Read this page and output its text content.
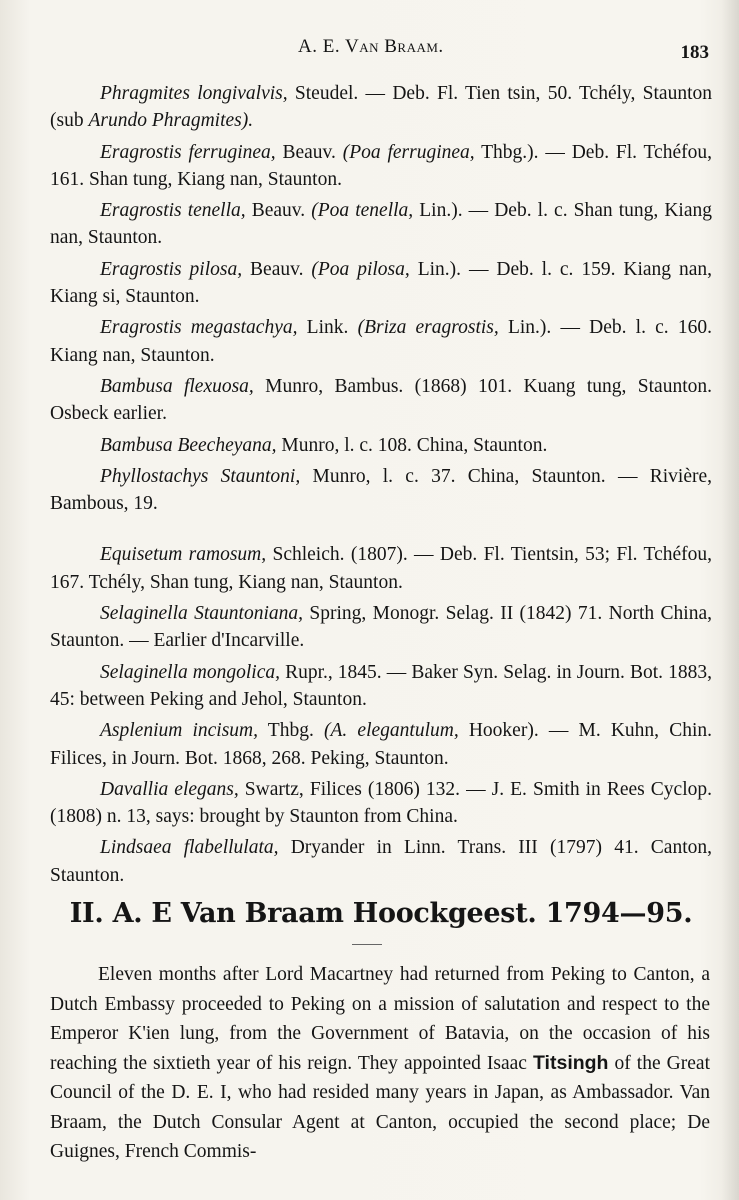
A. E. Van Braam.	183

Phragmites longivalvis, Steudel. — Deb. Fl. Tien tsin, 50. Tchély, Staunton (sub Arundo Phragmites).

Eragrostis ferruginea, Beauv. (Poa ferruginea, Thbg.). — Deb. Fl. Tchéfou, 161. Shan tung, Kiang nan, Staunton.

Eragrostis tenella, Beauv. (Poa tenella, Lin.). — Deb. l. c. Shan tung, Kiang nan, Staunton.

Eragrostis pilosa, Beauv. (Poa pilosa, Lin.). — Deb. l. c. 159. Kiang nan, Kiang si, Staunton.

Eragrostis megastachya, Link. (Briza eragrostis, Lin.). — Deb. l. c. 160. Kiang nan, Staunton.

Bambusa flexuosa, Munro, Bambus. (1868) 101. Kuang tung, Staunton. Osbeck earlier.

Bambusa Beecheyana, Munro, l. c. 108. China, Staunton.

Phyllostachys Stauntoni, Munro, l. c. 37. China, Staunton. — Rivière, Bambous, 19.

Equisetum ramosum, Schleich. (1807). — Deb. Fl. Tientsin, 53; Fl. Tchéfou, 167. Tchély, Shan tung, Kiang nan, Staunton.

Selaginella Stauntoniana, Spring, Monogr. Selag. II (1842) 71. North China, Staunton. — Earlier d'Incarville.

Selaginella mongolica, Rupr., 1845. — Baker Syn. Selag. in Journ. Bot. 1883, 45: between Peking and Jehol, Staunton.

Asplenium incisum, Thbg. (A. elegantulum, Hooker). — M. Kuhn, Chin. Filices, in Journ. Bot. 1868, 268. Peking, Staunton.

Davallia elegans, Swartz, Filices (1806) 132. — J. E. Smith in Rees Cyclop. (1808) n. 13, says: brought by Staunton from China.

Lindsaea flabellulata, Dryander in Linn. Trans. III (1797) 41. Canton, Staunton.

II. A. E Van Braam Hoockgeest. 1794—95.
Eleven months after Lord Macartney had returned from Peking to Canton, a Dutch Embassy proceeded to Peking on a mission of salutation and respect to the Emperor K'ien lung, from the Government of Batavia, on the occasion of his reaching the sixtieth year of his reign. They appointed Isaac Titsingh of the Great Council of the D. E. I, who had resided many years in Japan, as Ambassador. Van Braam, the Dutch Consular Agent at Canton, occupied the second place; De Guignes, French Commis-
